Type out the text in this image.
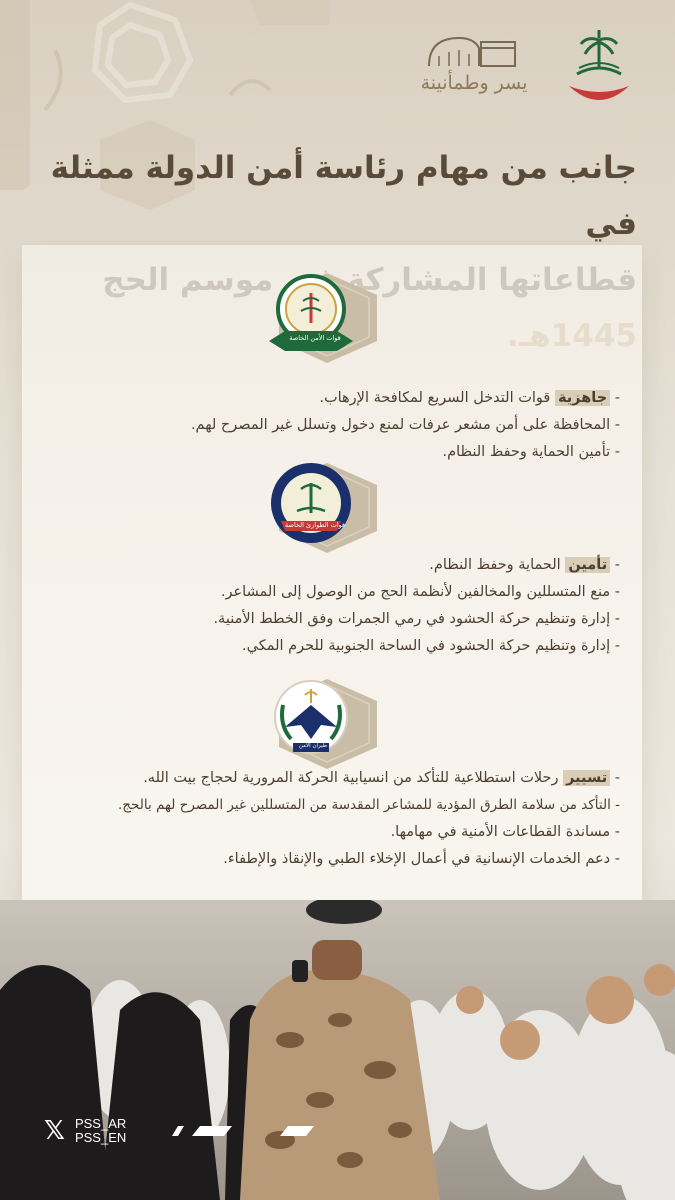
يسر وطمأنينة
جانب من مهام رئاسة أمن الدولة ممثلة في
قوات الأمن الخاصة
- جاهزية قوات التدخل السريع لمكافحة الإرهاب.
- المحافظة على أمن مشعر عرفات لمنع دخول وتسلل غير المصرح لهم.
- تأمين الحماية وحفظ النظام.
قوات الطوارئ الخاصة
- تأمين الحماية وحفظ النظام.
- منع المتسللين والمخالفين لأنظمة الحج من الوصول إلى المشاعر.
- إدارة وتنظيم حركة الحشود في رمي الجمرات وفق الخطط الأمنية.
- إدارة وتنظيم حركة الحشود في الساحة الجنوبية للحرم المكي.
طيران الأمن
- تسيير رحلات استطلاعية للتأكد من انسيابية الحركة المرورية لحجاج بيت الله.
- التأكد من سلامة الطرق المؤدية للمشاعر المقدسة من المتسللين غير المصرح لهم بالحج.
- مساندة القطاعات الأمنية في مهامها.
- دعم الخدمات الإنسانية في أعمال الإخلاء الطبي والإنقاذ والإطفاء.
𝕏 PSS_AR
PSS_EN
